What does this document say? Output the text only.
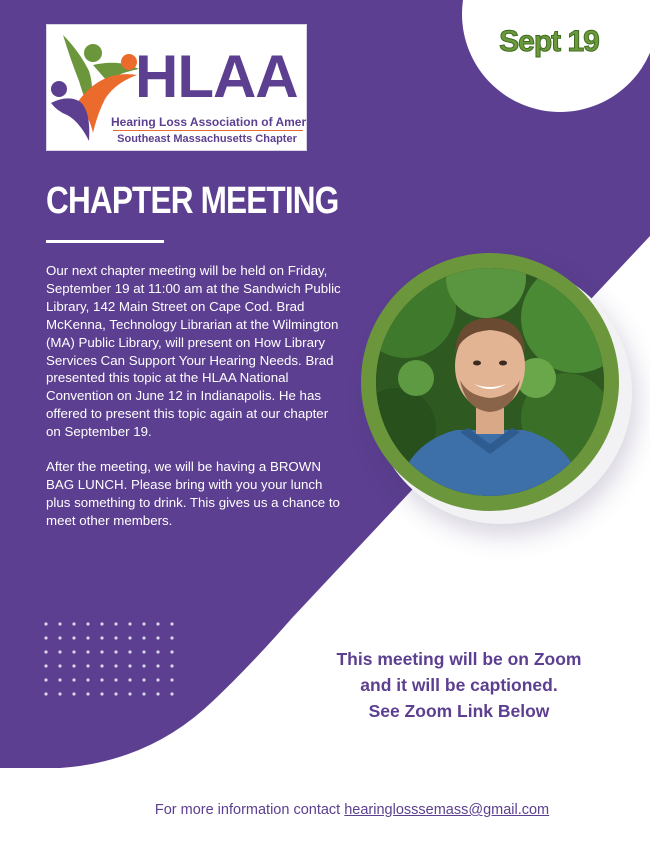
HLAA
Hearing Loss Association of America
Southeast Massachusetts Chapter
Sept 19
CHAPTER MEETING

Our next chapter meeting will be held on Friday, September 19 at 11:00 am at the Sandwich Public Library, 142 Main Street on Cape Cod. Brad McKenna, Technology Librarian at the Wilmington (MA) Public Library, will present on How Library Services Can Support Your Hearing Needs. Brad presented this topic at the HLAA National Convention on June 12 in Indianapolis. He has offered to present this topic again at our chapter on September 19.

After the meeting, we will be having a BROWN BAG LUNCH. Please bring with you your lunch plus something to drink. This gives us a chance to meet other members.

This meeting will be on Zoom
and it will be captioned.
See Zoom Link Below
For more information contact hearinglosssemass@gmail.com
